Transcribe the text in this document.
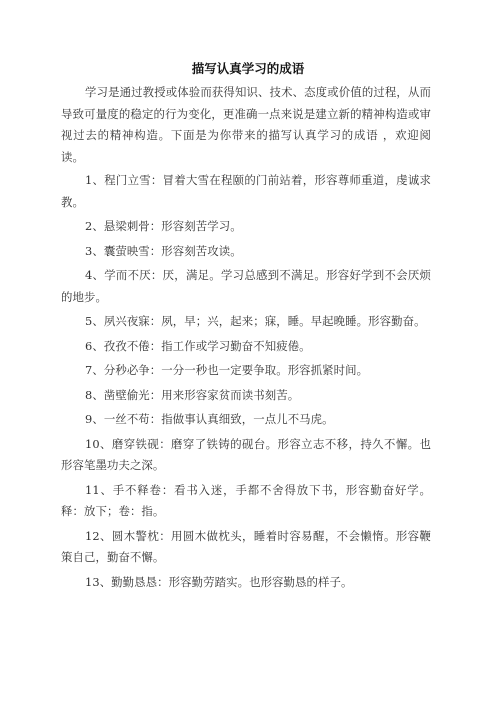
描写认真学习的成语

学习是通过教授或体验而获得知识、技术、态度或价值的过程，从而导致可量度的稳定的行为变化，更准确一点来说是建立新的精神构造或审视过去的精神构造。下面是为你带来的描写认真学习的成语 ，欢迎阅读。

1、程门立雪：冒着大雪在程颐的门前站着，形容尊师重道，虔诚求教。

2、悬梁刺骨：形容刻苦学习。

3、囊萤映雪：形容刻苦攻读。

4、学而不厌：厌，满足。学习总感到不满足。形容好学到不会厌烦的地步。

5、夙兴夜寐：夙，早；兴，起来；寐，睡。早起晚睡。形容勤奋。

6、孜孜不倦：指工作或学习勤奋不知疲倦。

7、分秒必争：一分一秒也一定要争取。形容抓紧时间。

8、凿壁偷光：用来形容家贫而读书刻苦。

9、一丝不苟：指做事认真细致，一点儿不马虎。

10、磨穿铁砚：磨穿了铁铸的砚台。形容立志不移，持久不懈。也形容笔墨功夫之深。

11、手不释卷：看书入迷，手都不舍得放下书，形容勤奋好学。释：放下；卷：指。

12、圆木警枕：用圆木做枕头，睡着时容易醒，不会懒惰。形容鞭策自己，勤奋不懈。

13、勤勤恳恳：形容勤劳踏实。也形容勤恳的样子。
